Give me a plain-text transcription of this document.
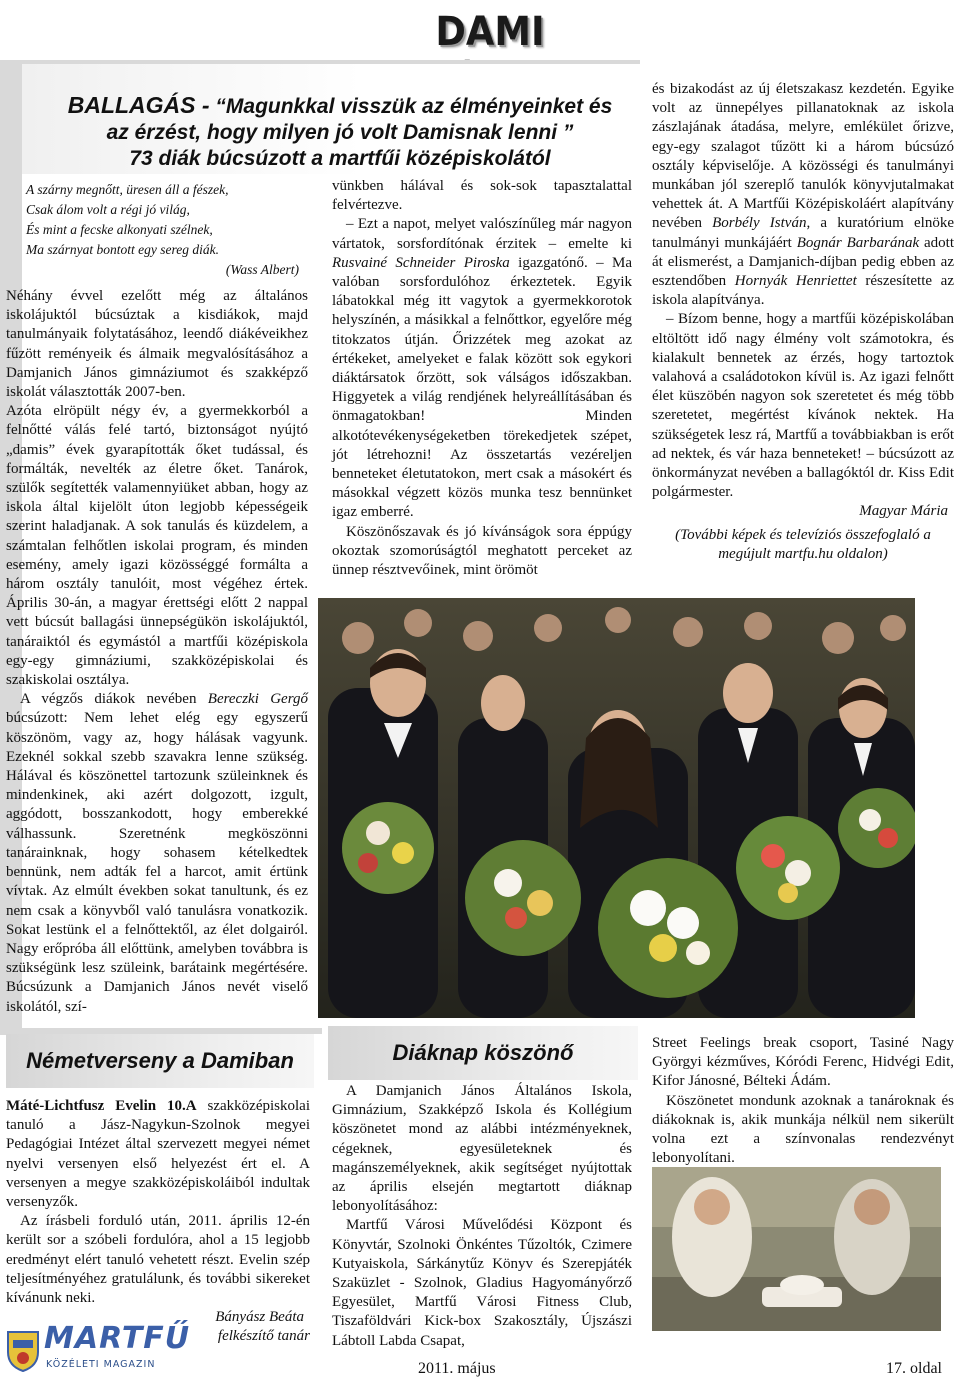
DAMI
BALLAGÁS - “Magunkkal visszük az élményeinket és
az érzést, hogy milyen jó volt Damisnak lenni ”
73 diák búcsúzott a martfűi középiskolától
A szárny megnőtt, üresen áll a fészek,
Csak álom volt a régi jó világ,
És mint a fecske alkonyati szélnek,
Ma szárnyat bontott egy sereg diák.
(Wass Albert)

Néhány évvel ezelőtt még az általános iskolájuktól búcsúztak a kisdiákok, majd tanulmányaik folytatásához, leendő diákéveikhez fűzött reményeik és álmaik megvalósításához a Damjanich János gimnáziumot és szakképző iskolát választották 2007-ben.

Azóta elröpült négy év, a gyermekkorból a felnőtté válás felé tartó, biztonságot nyújtó „damis” évek gyarapították őket tudással, és formálták, nevelték az életre őket. Tanárok, szülők segítették valamennyiüket abban, hogy az iskola által kijelölt úton legjobb képességeik szerint haladjanak. A sok tanulás és küzdelem, a számtalan felhőtlen iskolai program, és minden esemény, amely igazi közösséggé formálta a három osztály tanulóit, most végéhez értek. Április 30-án, a magyar érettségi előtt 2 nappal vett búcsút ballagási ünnepségükön iskolájuktól, tanáraiktól és egymástól a martfűi középiskola egy-egy gimnáziumi, szakközépiskolai és szakiskolai osztálya.

A végzős diákok nevében Bereczki Gergő búcsúzott: Nem lehet elég egy egyszerű köszönöm, vagy az, hogy hálásak vagyunk. Ezeknél sokkal szebb szavakra lenne szükség. Hálával és köszönettel tartozunk szüleinknek és mindenkinek, aki azért dolgozott, izgult, aggódott, bosszankodott, hogy emberekké válhassunk. Szeretnénk megköszönni tanárainknak, hogy sohasem kételkedtek bennünk, nem adták fel a harcot, amit értünk vívtak. Az elmúlt években sokat tanultunk, és ez nem csak a könyvből való tanulásra vonatkozik. Sokat lestünk el a felnőttektől, az élet dolgairól. Nagy erőpróba áll előttünk, amelyben továbbra is szükségünk lesz szüleink, barátaink megértésére. Búcsúzunk a Damjanich János nevét viselő iskolától, szí-

vünkben hálával és sok-sok tapasztalattal felvértezve.

– Ezt a napot, melyet valószínűleg már nagyon vártatok, sorsfordítónak érzitek – emelte ki Rusvainé Schneider Piroska igazgatónő. – Ma valóban sorsfordulóhoz érkeztetek. Egyik lábatokkal még itt vagytok a gyermekkorotok helyszínén, a másikkal a felnőttkor, egyelőre még titokzatos útján. Őrizzétek meg azokat az értékeket, amelyeket e falak között sok egykori diáktársatok őrzött, sok válságos időszakban. Higgyetek a világ rendjének helyreállításában és önmagatokban! Minden alkotótevékenységeketben törekedjetek szépet, jót létrehozni! Az összetartás vezéreljen benneteket életutatokon, mert csak a másokért és másokkal végzett közös munka tesz bennünket igaz emberré.

Köszönőszavak és jó kívánságok sora éppúgy okoztak szomorúságtól meghatott perceket az ünnep résztvevőinek, mint örömöt

és bizakodást az új életszakasz kezdetén. Egyike volt az ünnepélyes pillanatoknak az iskola zászlajának átadása, melyre, emlékület őrizve, egy-egy szalagot tűzött ki a három búcsúzó osztály képviselője. A közösségi és tanulmányi munkában jól szereplő tanulók könyvjutalmakat vehettek át. A Martfűi Középiskoláért alapítvány nevében Borbély István, a kuratórium elnöke tanulmányi munkájáért Bognár Barbarának adott át elismerést, a Damjanich-díjban pedig ebben az esztendőben Hornyák Henriettet részesítette az iskola alapítványa.

– Bízom benne, hogy a martfűi középiskolában eltöltött idő nagy élmény volt számotokra, és kialakult bennetek az érzés, hogy tartoztok valahová a családotokon kívül is. Az igazi felnőtt élet küszöbén nagyon sok szeretetet és még több szeretetet, megértést kívánok nektek. Ha szükségetek lesz rá, Martfű a továbbiakban is erőt ad nektek, és vár haza benneteket! – búcsúzott az önkormányzat nevében a ballagóktól dr. Kiss Edit polgármester.

Magyar Mária

(További képek és televíziós összefoglaló a megújult martfu.hu oldalon)

Németverseny a Damiban

Máté-Lichtfusz Evelin 10.A szakközépiskolai tanuló a Jász-Nagykun-Szolnok megyei Pedagógiai Intézet által szervezett megyei német nyelvi versenyen első helyezést ért el. A versenyen a megye szakközépiskoláiból indultak versenyzők.

Az írásbeli forduló után, 2011. április 12-én került sor a szóbeli fordulóra, ahol a 15 legjobb eredményt elért tanuló vehetett részt. Evelin szép teljesítményéhez gratulálunk, és további sikereket kívánunk neki.

Bányász Beáta

felkészítő tanár

Diáknap köszönő

A Damjanich János Általános Iskola, Gimnázium, Szakképző Iskola és Kollégium köszönetet mond az alábbi intézményeknek, cégeknek, egyesületeknek és magánszemélyeknek, akik segítséget nyújtottak az április elsején megtartott diáknap lebonyolításához:

Martfű Városi Művelődési Központ és Könyvtár, Szolnoki Önkéntes Tűzoltók, Czimere Kutyaiskola, Sárkánytűz Könyv és Szerepjáték Szaküzlet - Szolnok, Gladius Hagyományőrző Egyesület, Martfű Városi Fitness Club, Tiszaföldvári Kick-box Szakosztály, Újszászi Lábtoll Labda Csapat,

Street Feelings break csoport, Tasiné Nagy Györgyi kézműves, Kóródi Ferenc, Hidvégi Edit, Kifor Jánosné, Bélteki Ádám.

Köszönetet mondunk azoknak a tanároknak és diákoknak is, akik munkája nélkül nem sikerült volna ezt a színvonalas rendezvényt lebonyolítani.

MARTFŰ
KÖZÉLETI MAGAZIN	2011. május	17. oldal
